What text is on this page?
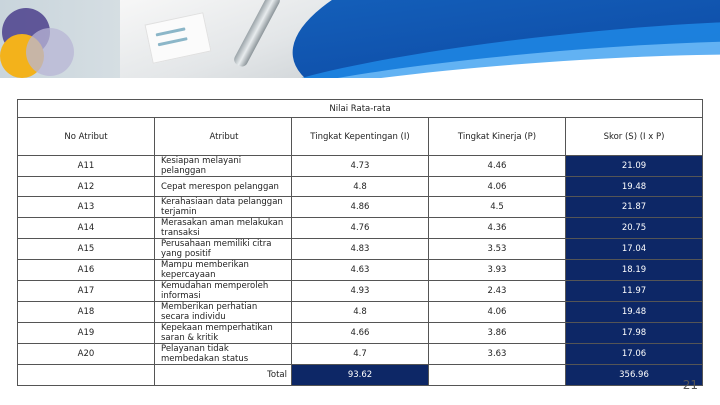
Nilai Rata-rata				
No Atribut	Atribut	Tingkat Kepentingan (I)	Tingkat Kinerja (P)	Skor (S) (I x P)
A11	Kesiapan melayani pelanggan	4.73	4.46	21.09
A12	Cepat merespon pelanggan	4.8	4.06	19.48
A13	Kerahasiaan data pelanggan terjamin	4.86	4.5	21.87
A14	Merasakan aman melakukan transaksi	4.76	4.36	20.75
A15	Perusahaan memiliki citra yang positif	4.83	3.53	17.04
A16	Mampu memberikan kepercayaan	4.63	3.93	18.19
A17	Kemudahan memperoleh informasi	4.93	2.43	11.97
A18	Memberikan perhatian secara individu	4.8	4.06	19.48
A19	Kepekaan memperhatikan saran & kritik	4.66	3.86	17.98
A20	Pelayanan tidak membedakan status	4.7	3.63	17.06
	Total	93.62		356.96
21
